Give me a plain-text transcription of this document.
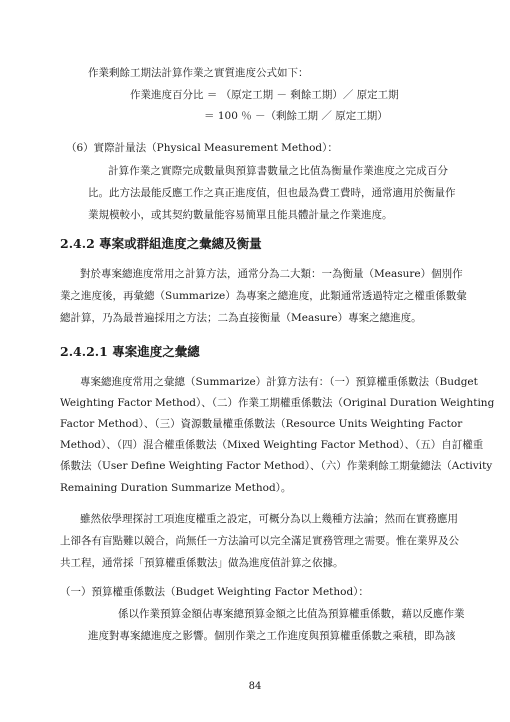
作業剩餘工期法計算作業之實質進度公式如下：
作業進度百分比 ＝ （原定工期 － 剩餘工期）／ 原定工期
＝ 100 ％ －（剩餘工期 ／ 原定工期）
（6）實際計量法（Physical Measurement Method）：
計算作業之實際完成數量與預算書數量之比值為衡量作業進度之完成百分
比。此方法最能反應工作之真正進度值，但也最為費工費時，通常適用於衡量作
業規模較小，或其契約數量能容易簡單且能具體計量之作業進度。
2.4.2 專案或群組進度之彙總及衡量
對於專案總進度常用之計算方法，通常分為二大類：一為衡量（Measure）個別作
業之進度後，再彙總（Summarize）為專案之總進度，此類通常透過特定之權重係數彙
總計算，乃為最普遍採用之方法；二為直接衡量（Measure）專案之總進度。
2.4.2.1 專案進度之彙總
專案總進度常用之彙總（Summarize）計算方法有：（一）預算權重係數法（Budget
Weighting Factor Method）、（二）作業工期權重係數法（Original Duration Weighting
Factor Method）、（三）資源數量權重係數法（Resource Units Weighting Factor
Method）、（四）混合權重係數法（Mixed Weighting Factor Method）、（五）自訂權重
係數法（User Define Weighting Factor Method）、（六）作業剩餘工期彙總法（Activity
Remaining Duration Summarize Method）。
雖然依學理探討工項進度權重之設定，可概分為以上幾種方法論；然而在實務應用
上卻各有盲點難以競合，尚無任一方法論可以完全滿足實務管理之需要。惟在業界及公
共工程，通常採「預算權重係數法」做為進度值計算之依據。
（一）預算權重係數法（Budget Weighting Factor Method）：
係以作業預算金額佔專案總預算金額之比值為預算權重係數，藉以反應作業
進度對專案總進度之影響。個別作業之工作進度與預算權重係數之乘積，即為該
84
